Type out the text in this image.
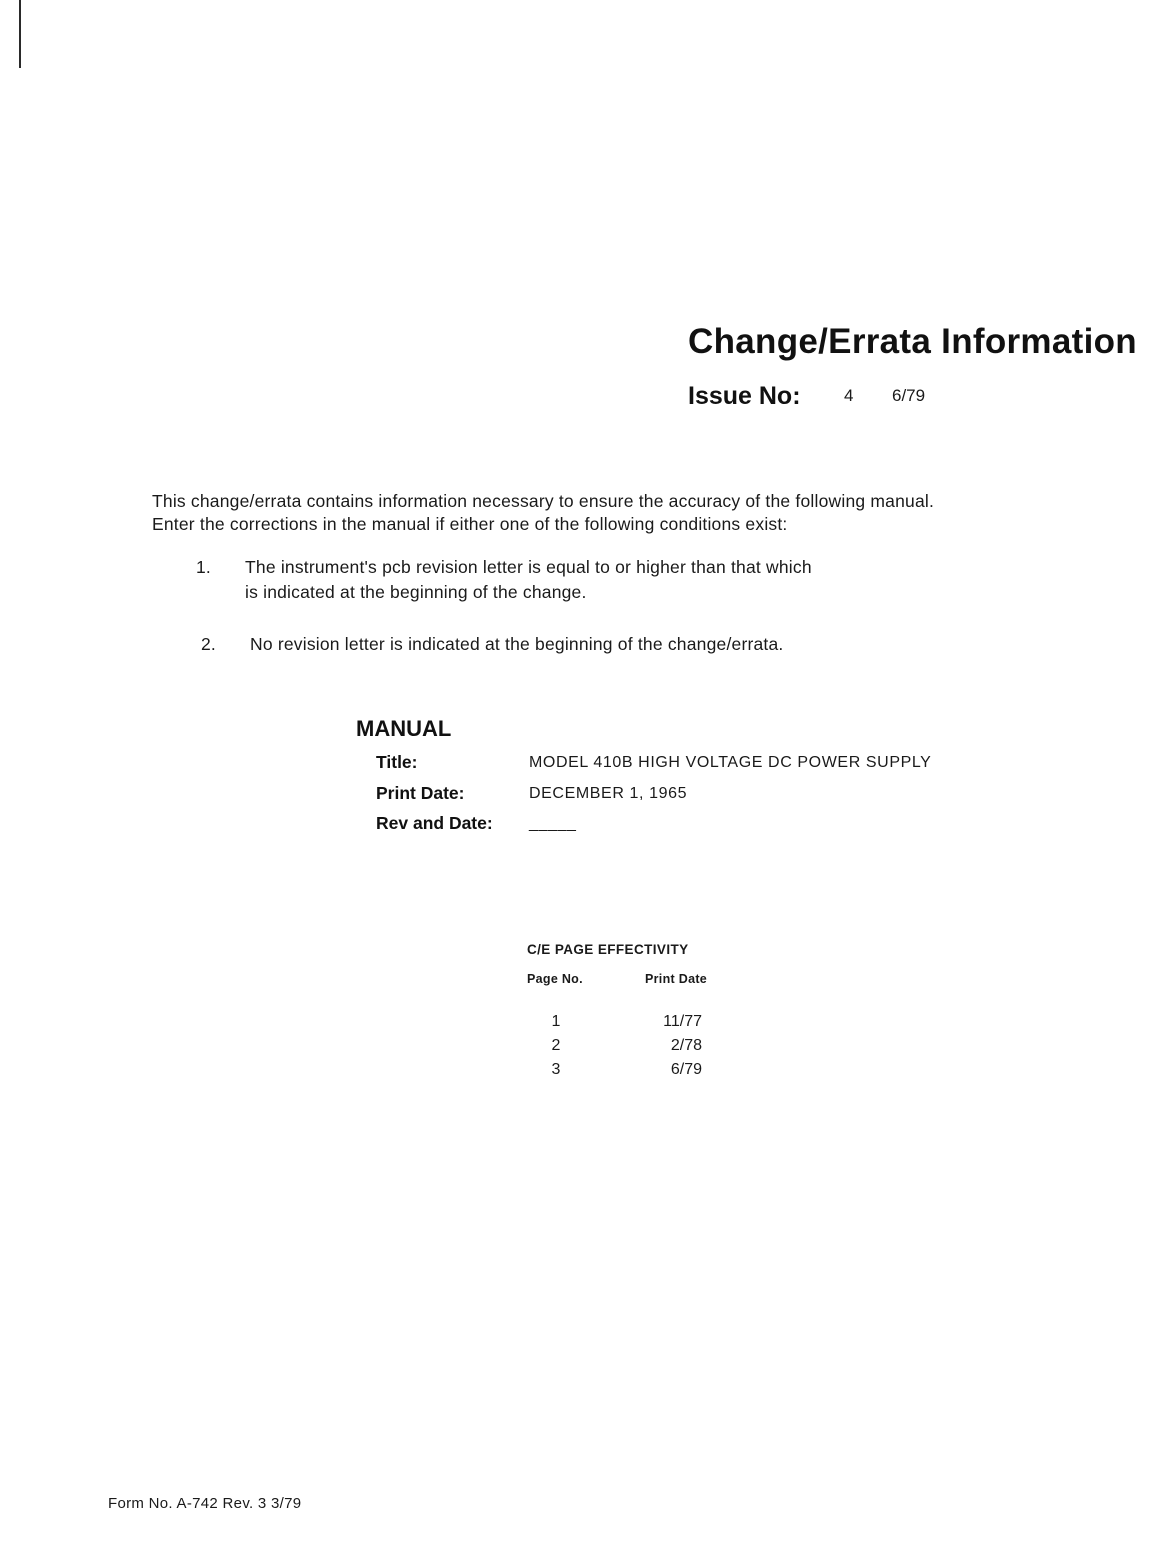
Change/Errata Information
Issue No:	4 6/79
This change/errata contains information necessary to ensure the accuracy of the following manual.
Enter the corrections in the manual if either one of the following conditions exist:
1. The instrument's pcb revision letter is equal to or higher than that which
is indicated at the beginning of the change.
2. No revision letter is indicated at the beginning of the change/errata.
MANUAL
Title:	MODEL 410B HIGH VOLTAGE DC POWER SUPPLY
Print Date:	DECEMBER 1, 1965
Rev and Date: _____
C/E PAGE EFFECTIVITY
Page No.	Print Date
1	11/77
2	2/78
3	6/79
Form No. A-742 Rev. 3 3/79
